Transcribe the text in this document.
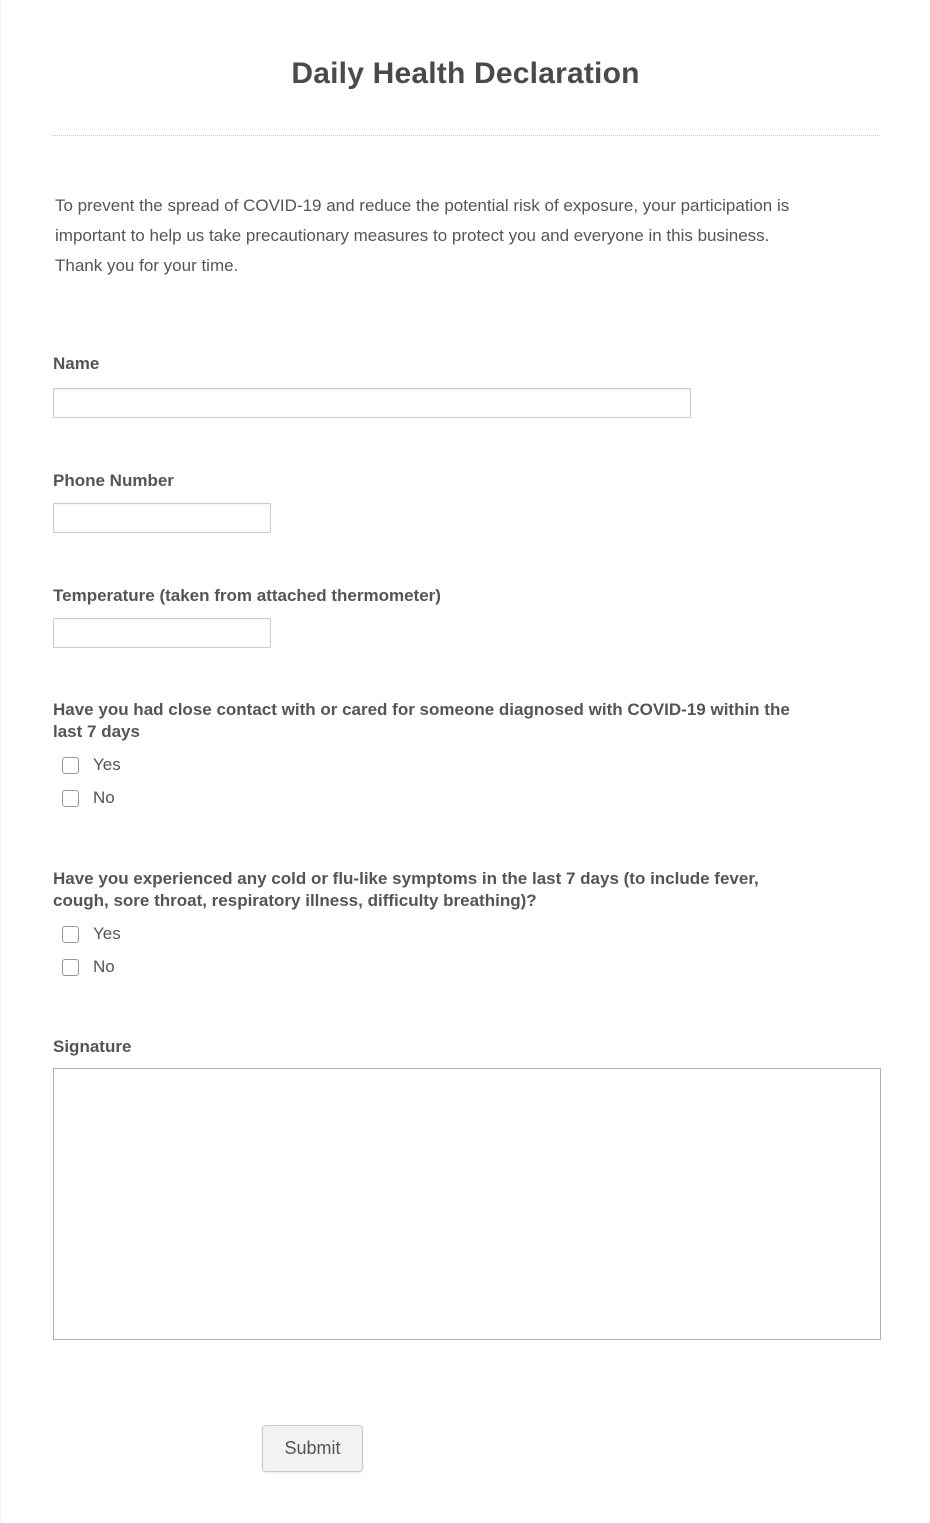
Daily Health Declaration
To prevent the spread of COVID-19 and reduce the potential risk of exposure, your participation is
important to help us take precautionary measures to protect you and everyone in this business.
Thank you for your time.
Name
Phone Number
Temperature (taken from attached thermometer)
Have you had close contact with or cared for someone diagnosed with COVID-19 within the
last 7 days
Yes
No
Have you experienced any cold or flu-like symptoms in the last 7 days (to include fever,
cough, sore throat, respiratory illness, difficulty breathing)?
Yes
No
Signature
Submit
